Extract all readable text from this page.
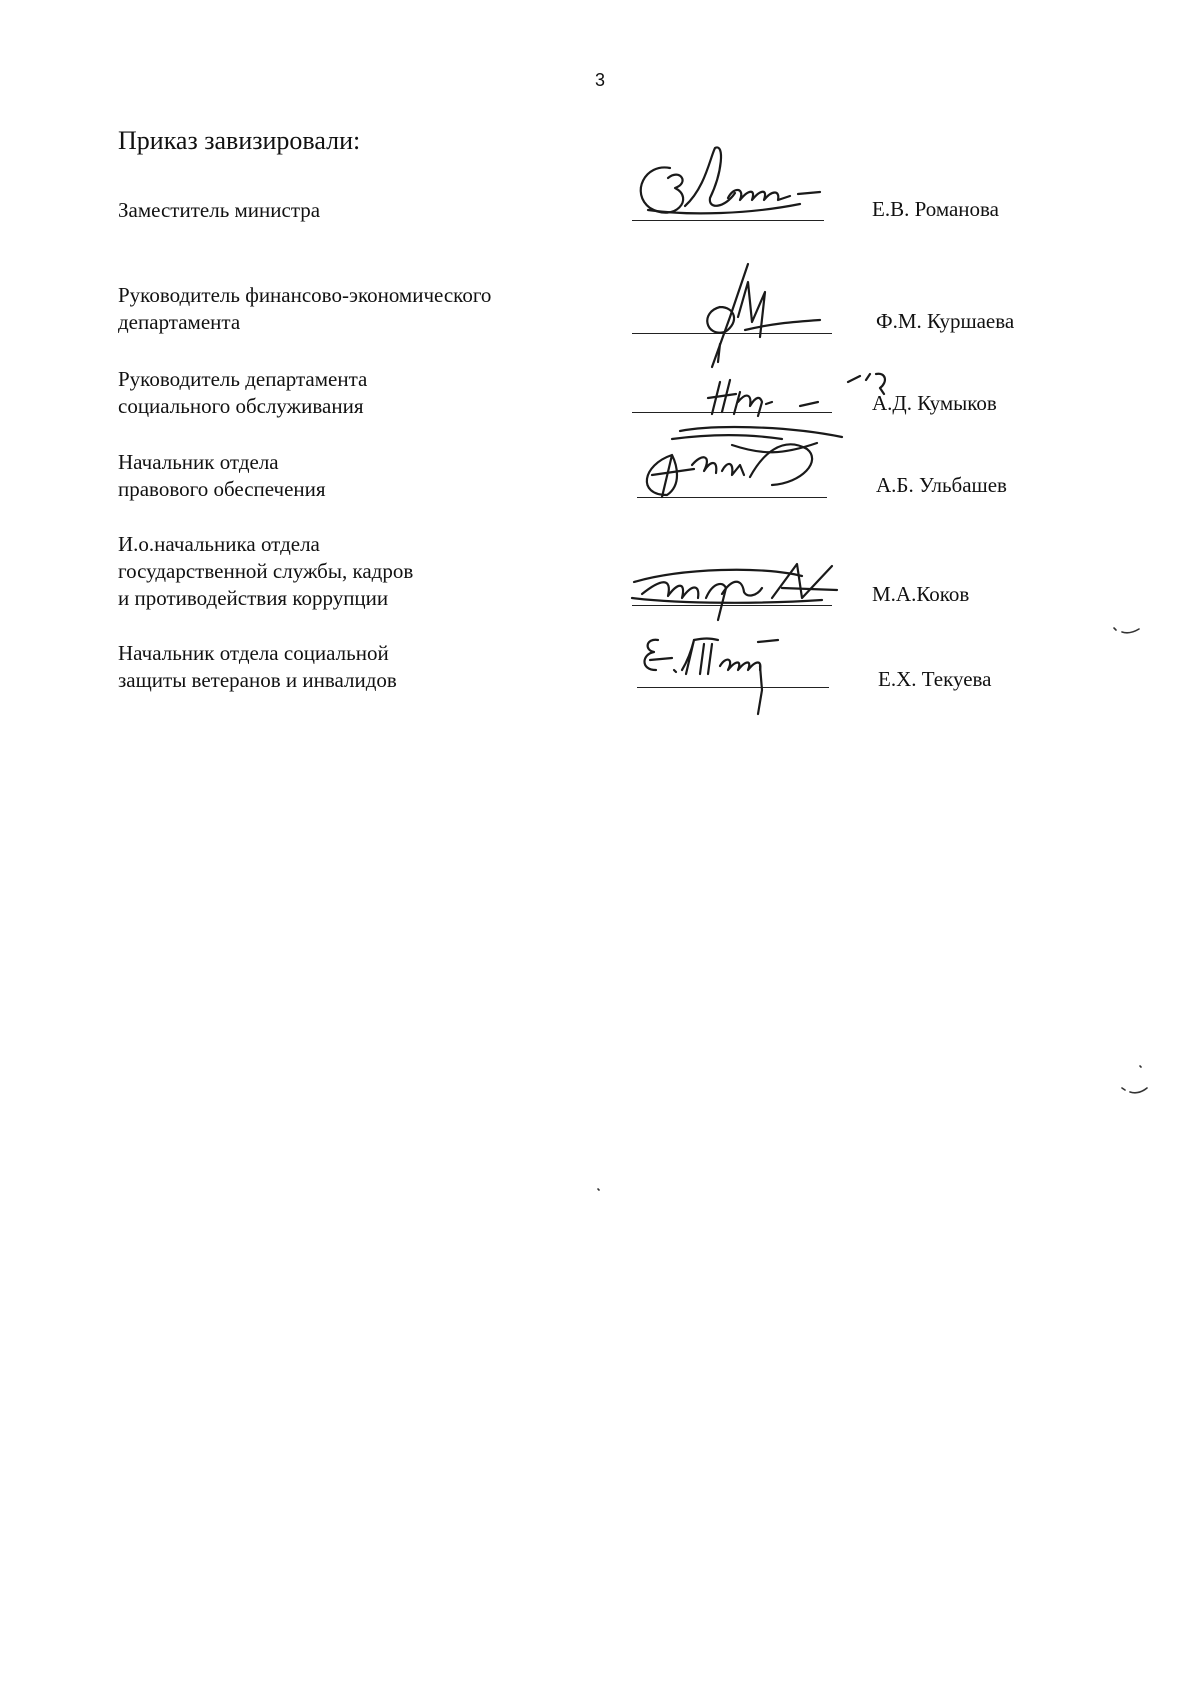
3
Приказ завизировали:
Заместитель министра	Е.В. Романова
Руководитель финансово-экономического
департамента	Ф.М. Куршаева
Руководитель департамента
социального обслуживания	А.Д. Кумыков
Начальник отдела
правового обеспечения	А.Б. Ульбашев
И.о.начальника отдела
государственной службы, кадров
и противодействия коррупции	М.А.Коков
Начальник отдела социальной
защиты ветеранов и инвалидов	Е.Х. Текуева
